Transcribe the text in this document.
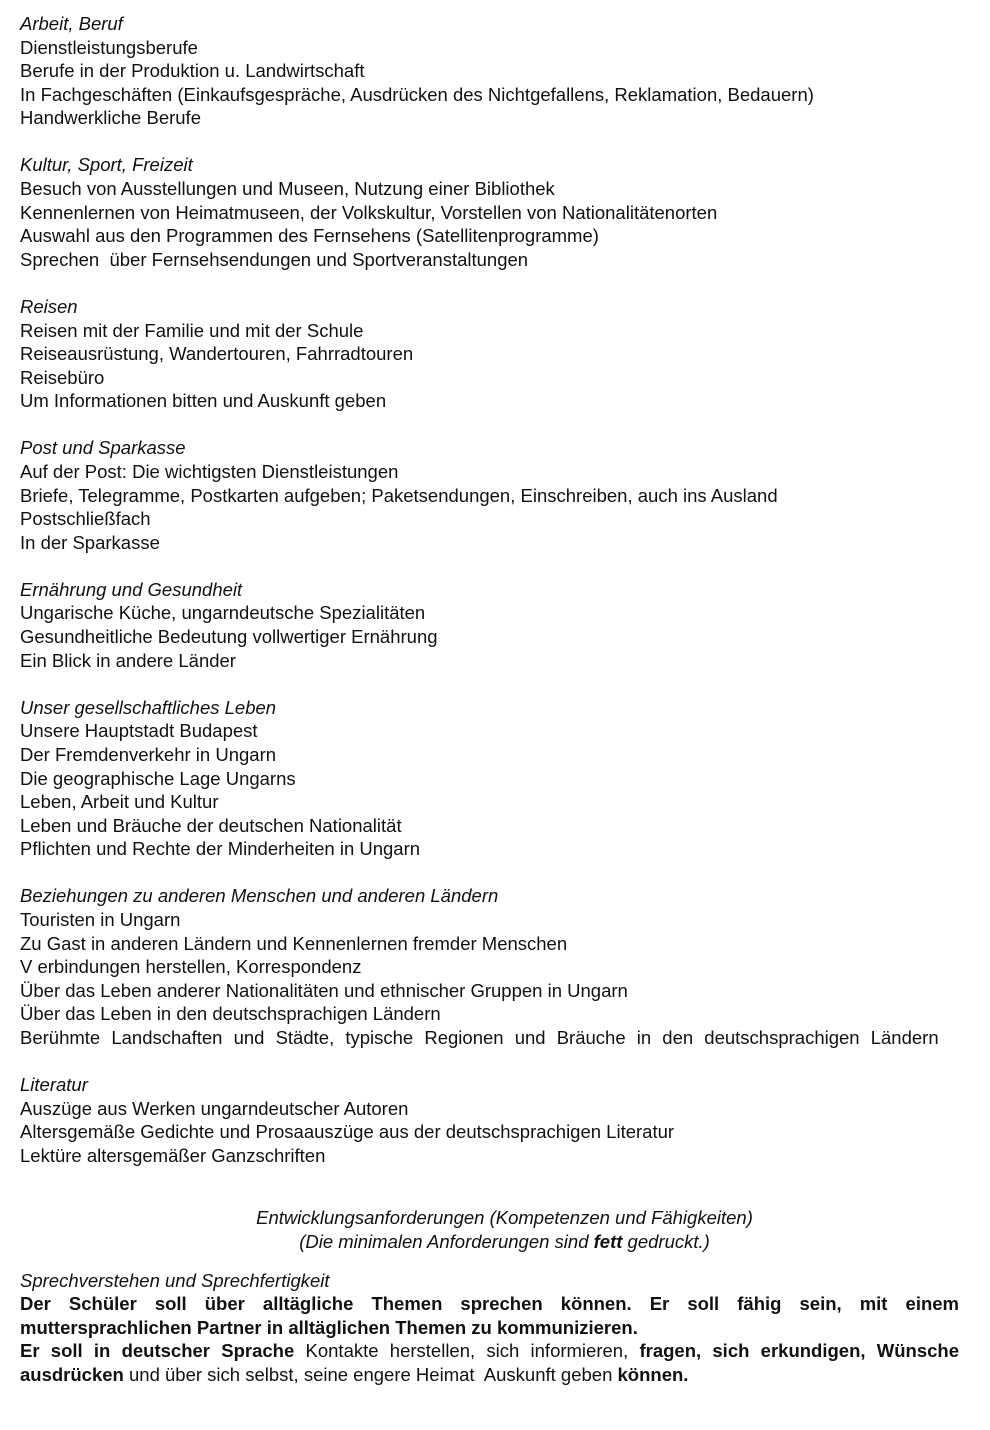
Arbeit, Beruf
Dienstleistungsberufe
Berufe in der Produktion u. Landwirtschaft
In Fachgeschäften (Einkaufsgespräche, Ausdrücken des Nichtgefallens, Reklamation, Bedauern)
Handwerkliche Berufe
Kultur, Sport, Freizeit
Besuch von Ausstellungen und Museen, Nutzung einer Bibliothek
Kennenlernen von Heimatmuseen, der Volkskultur, Vorstellen von Nationalitätenorten
Auswahl aus den Programmen des Fernsehens (Satellitenprogramme)
Sprechen  über Fernsehsendungen und Sportveranstaltungen
Reisen
Reisen mit der Familie und mit der Schule
Reiseausrüstung, Wandertouren, Fahrradtouren
Reisebüro
Um Informationen bitten und Auskunft geben
Post und Sparkasse
Auf der Post: Die wichtigsten Dienstleistungen
Briefe, Telegramme, Postkarten aufgeben; Paketsendungen, Einschreiben, auch ins Ausland
Postschließfach
In der Sparkasse
Ernährung und Gesundheit
Ungarische Küche, ungarndeutsche Spezialitäten
Gesundheitliche Bedeutung vollwertiger Ernährung
Ein Blick in andere Länder
Unser gesellschaftliches Leben
Unsere Hauptstadt Budapest
Der Fremdenverkehr in Ungarn
Die geographische Lage Ungarns
Leben, Arbeit und Kultur
Leben und Bräuche der deutschen Nationalität
Pflichten und Rechte der Minderheiten in Ungarn
Beziehungen zu anderen Menschen und anderen Ländern
Touristen in Ungarn
Zu Gast in anderen Ländern und Kennenlernen fremder Menschen
V erbindungen herstellen, Korrespondenz
Über das Leben anderer Nationalitäten und ethnischer Gruppen in Ungarn
Über das Leben in den deutschsprachigen Ländern
Berühmte Landschaften und Städte, typische Regionen und Bräuche in den deutschsprachigen Ländern
Literatur
Auszüge aus Werken ungarndeutscher Autoren
Altersgemäße Gedichte und Prosaauszüge aus der deutschsprachigen Literatur
Lektüre altersgemäßer Ganzschriften
Entwicklungsanforderungen (Kompetenzen und Fähigkeiten)
(Die minimalen Anforderungen sind fett gedruckt.)
Sprechverstehen und Sprechfertigkeit
Der Schüler soll über alltägliche Themen sprechen können. Er soll fähig sein, mit einem muttersprachlichen Partner in alltäglichen Themen zu kommunizieren.
Er soll in deutscher Sprache Kontakte herstellen, sich informieren, fragen, sich erkundigen, Wünsche ausdrücken und über sich selbst, seine engere Heimat  Auskunft geben können.
